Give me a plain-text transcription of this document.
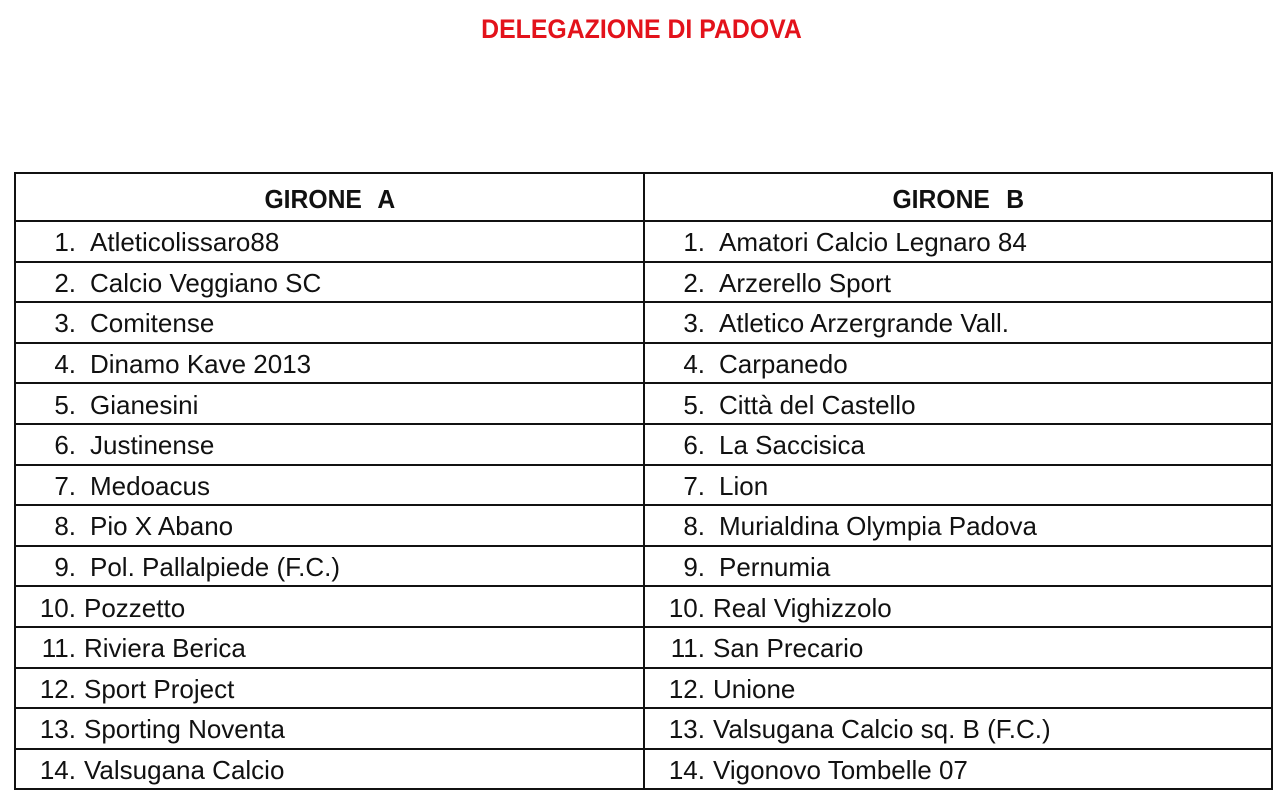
DELEGAZIONE DI PADOVA
GIRONE A	GIRONE B

1. Atleticolissaro88	1. Amatori Calcio Legnaro 84

2. Calcio Veggiano SC	2. Arzerello Sport

3. Comitense	3. Atletico Arzergrande Vall.

4. Dinamo Kave 2013	4. Carpanedo

5. Gianesini	5. Città del Castello

6. Justinense	6. La Saccisica

7. Medoacus	7. Lion

8. Pio X Abano	8. Murialdina Olympia Padova

9. Pol. Pallalpiede (F.C.)	9. Pernumia

10. Pozzetto	10. Real Vighizzolo

11. Riviera Berica	11. San Precario

12. Sport Project	12. Unione

13. Sporting Noventa	13. Valsugana Calcio sq. B (F.C.)

14. Valsugana Calcio	14. Vigonovo Tombelle 07
